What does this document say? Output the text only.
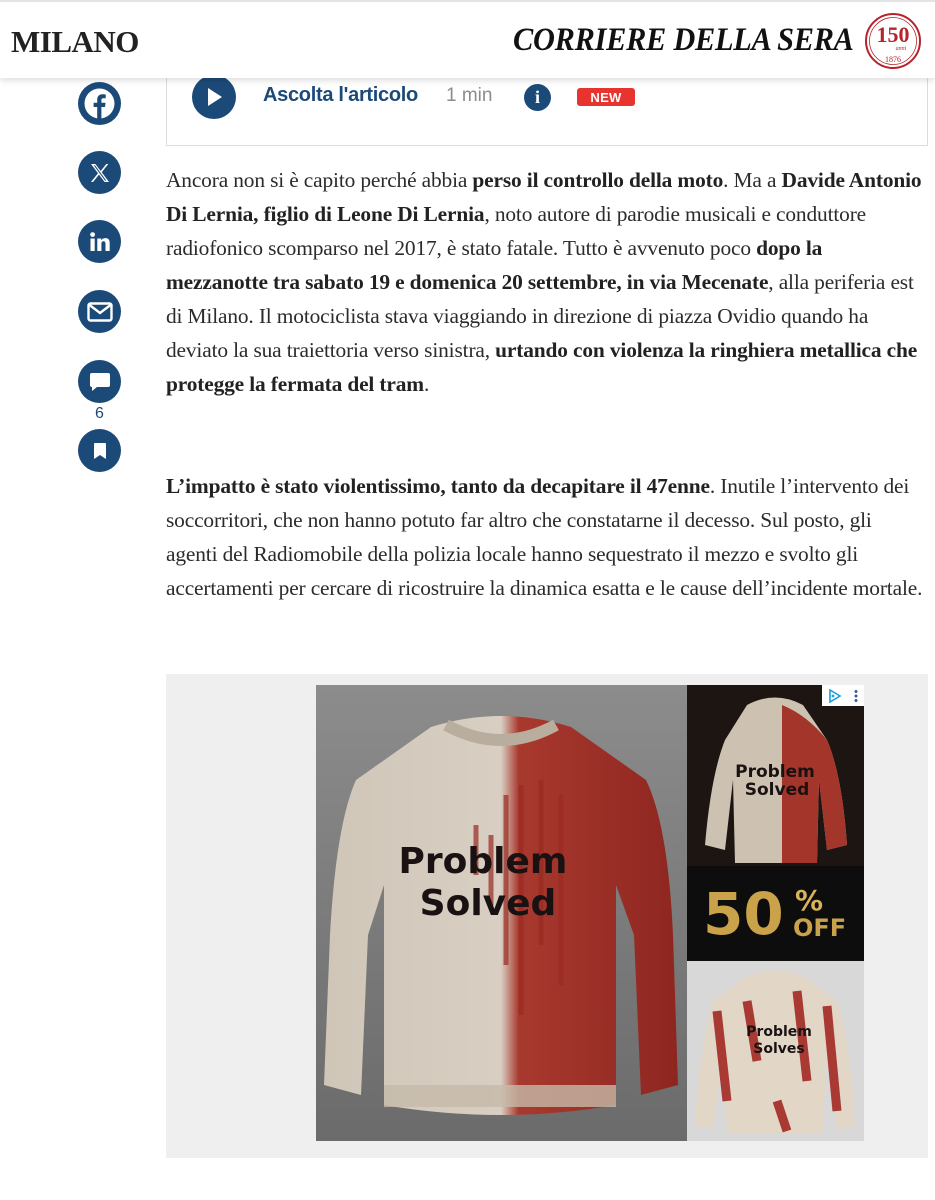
MILANO	CORRIERE DELLA SERA 150
anni
1876
Ascolta l'articolo 1 min	i	NEW
6

Ancora non si è capito perché abbia perso il controllo della moto. Ma a Davide Antonio Di Lernia, figlio di Leone Di Lernia, noto autore di parodie musicali e conduttore radiofonico scomparso nel 2017, è stato fatale. Tutto è avvenuto poco dopo la mezzanotte tra sabato 19 e domenica 20 settembre, in via Mecenate, alla periferia est di Milano. Il motociclista stava viaggiando in direzione di piazza Ovidio quando ha deviato la sua traiettoria verso sinistra, urtando con violenza la ringhiera metallica che protegge la fermata del tram.

L’impatto è stato violentissimo, tanto da decapitare il 47enne. Inutile l’intervento dei soccorritori, che non hanno potuto far altro che constatarne il decesso. Sul posto, gli agenti del Radiomobile della polizia locale hanno sequestrato il mezzo e svolto gli accertamenti per cercare di ricostruire la dinamica esatta e le cause dell’incidente mortale.

Problem
Solved
Problem
Solved
50 %
OFF
Problem
Solves
